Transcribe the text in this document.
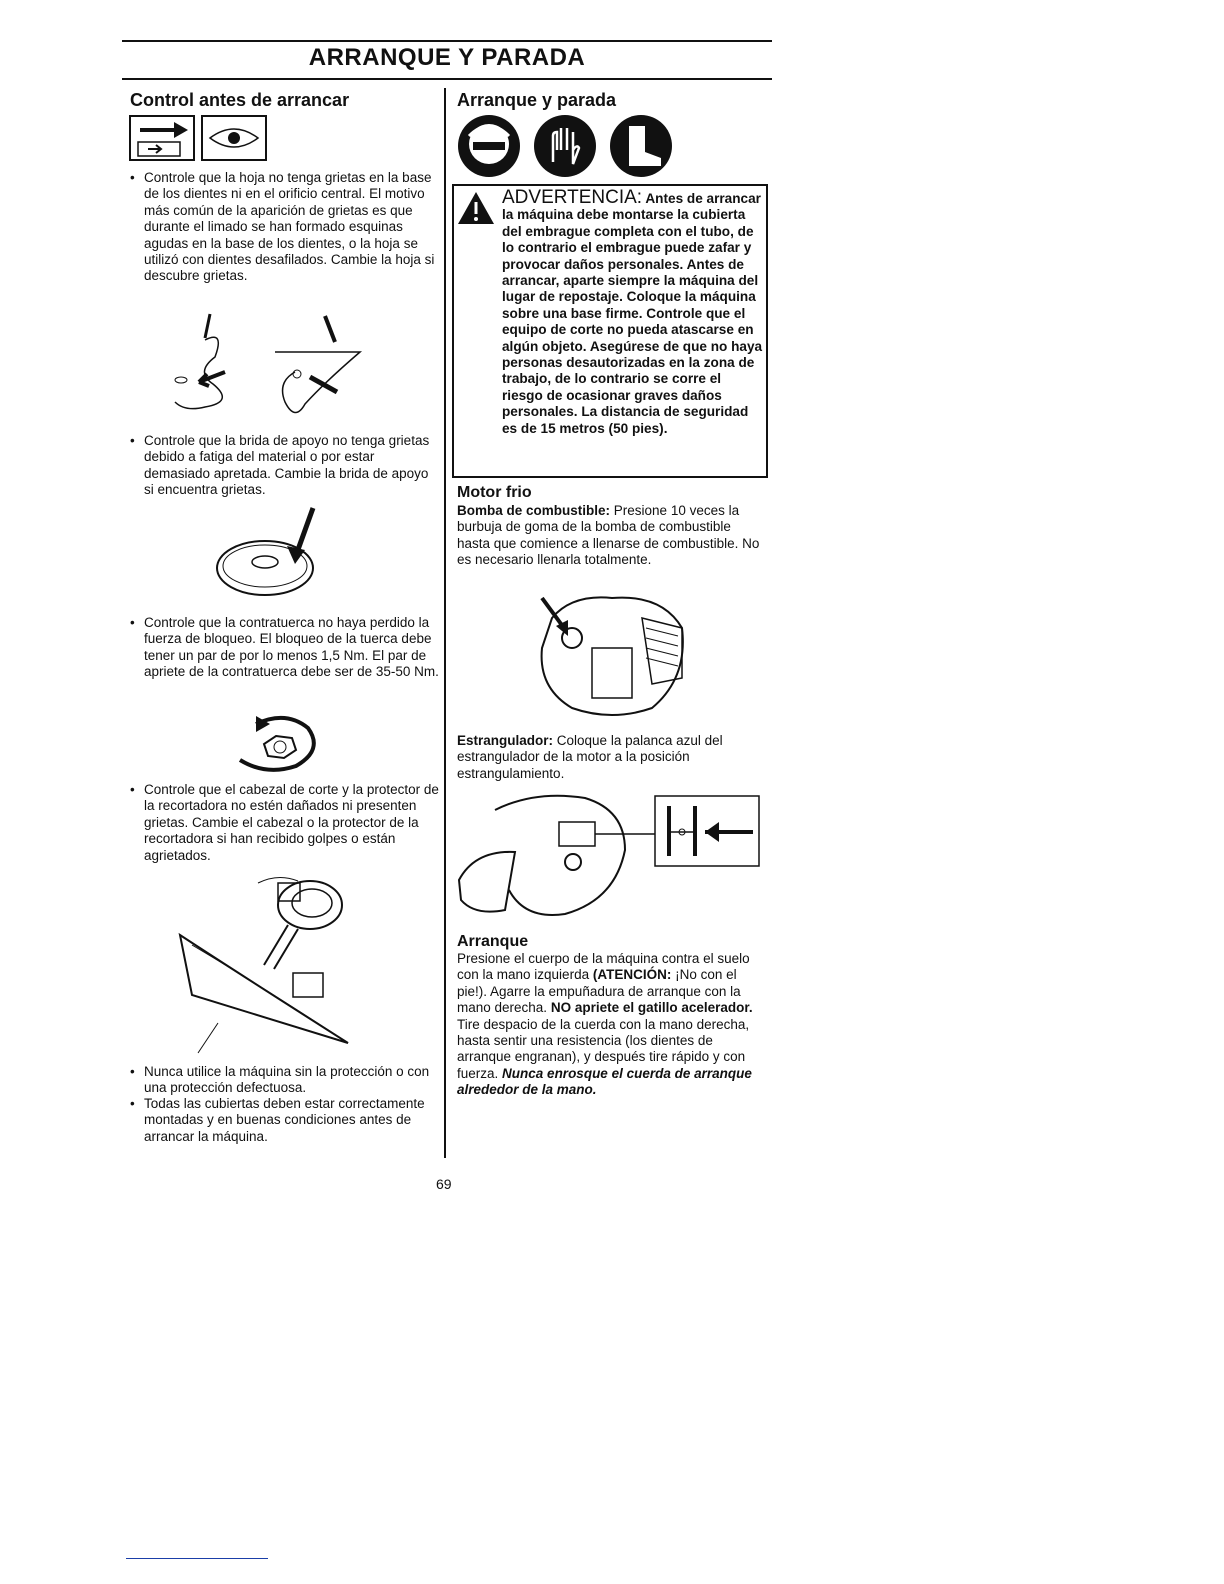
ARRANQUE Y PARADA
Control antes de arrancar
• Controle que la hoja no tenga grietas en la base de los dientes ni en el orificio central. El motivo más común de la aparición de grietas es que durante el limado se han formado esquinas agudas en la base de los dientes, o la hoja se utilizó con dientes desafilados. Cambie la hoja si descubre grietas.
• Controle que la brida de apoyo no tenga grietas debido a fatiga del material o por estar demasiado apretada. Cambie la brida de apoyo si encuentra grietas.
• Controle que la contratuerca no haya perdido la fuerza de bloqueo. El bloqueo de la tuerca debe tener un par de por lo menos 1,5 Nm. El par de apriete de la contratuerca debe ser de 35-50 Nm.
• Controle que el cabezal de corte y la protector de la recortadora no estén dañados ni presenten grietas. Cambie el cabezal o la protector de la recortadora si han recibido golpes o están agrietados.
• Nunca utilice la máquina sin la protección o con una protección defectuosa.
• Todas las cubiertas deben estar correctamente montadas y en buenas condiciones antes de arrancar la máquina.
Arranque y parada
ADVERTENCIA: Antes de arrancar la máquina debe montarse la cubierta del embrague completa con el tubo, de lo contrario el embrague puede zafar y provocar daños personales. Antes de arrancar, aparte siempre la máquina del lugar de repostaje. Coloque la máquina sobre una base firme. Controle que el equipo de corte no pueda atascarse en algún objeto. Asegúrese de que no haya personas desautorizadas en la zona de trabajo, de lo contrario se corre el riesgo de ocasionar graves daños personales. La distancia de seguridad es de 15 metros (50 pies).
Motor frio
Bomba de combustible: Presione 10 veces la burbuja de goma de la bomba de combustible hasta que comience a llenarse de combustible. No es necesario llenarla totalmente.
Estrangulador: Coloque la palanca azul del estrangulador de la motor a la posición estrangulamiento.
Arranque
Presione el cuerpo de la máquina contra el suelo con la mano izquierda (ATENCIÓN: ¡No con el pie!). Agarre la empuñadura de arranque con la mano derecha. NO apriete el gatillo acelerador. Tire despacio de la cuerda con la mano derecha, hasta sentir una resistencia (los dientes de arranque engranan), y después tire rápido y con fuerza. Nunca enrosque el cuerda de arranque alrededor de la mano.
69
